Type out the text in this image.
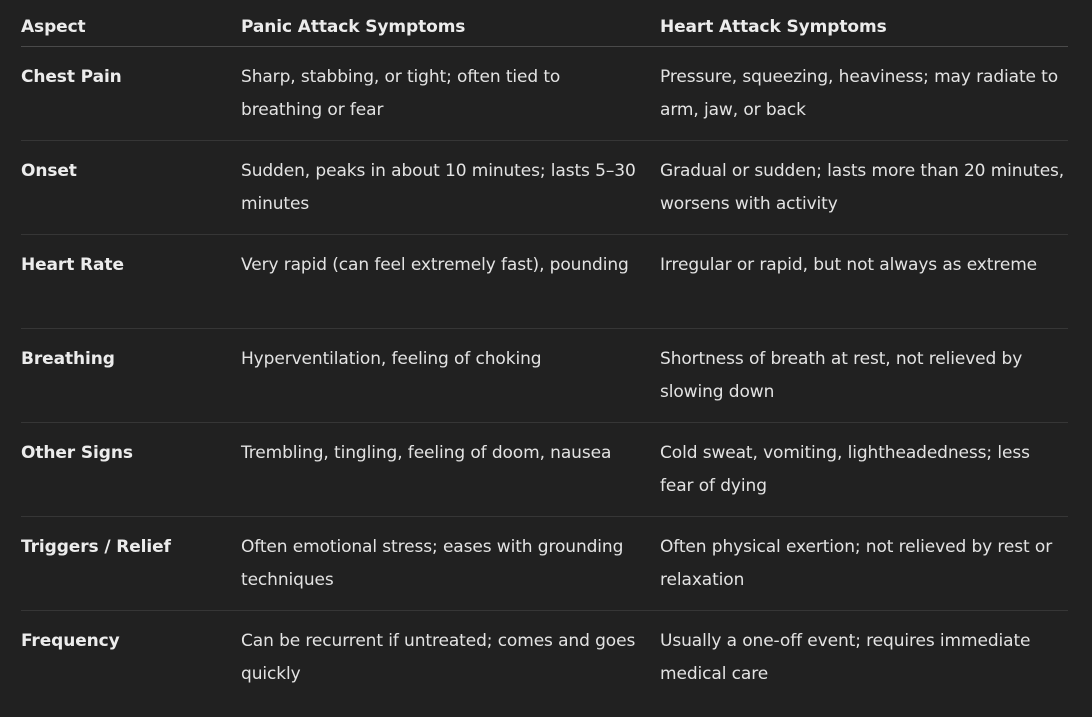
Aspect	Panic Attack Symptoms	Heart Attack Symptoms
Chest Pain	Sharp, stabbing, or tight; often tied to breathing or fear	Pressure, squeezing, heaviness; may radiate to arm, jaw, or back
Onset	Sudden, peaks in about 10 minutes; lasts 5–30 minutes	Gradual or sudden; lasts more than 20 minutes, worsens with activity
Heart Rate	Very rapid (can feel extremely fast), pounding	Irregular or rapid, but not always as extreme
Breathing	Hyperventilation, feeling of choking	Shortness of breath at rest, not relieved by slowing down
Other Signs	Trembling, tingling, feeling of doom, nausea	Cold sweat, vomiting, lightheadedness; less fear of dying
Triggers / Relief	Often emotional stress; eases with grounding techniques	Often physical exertion; not relieved by rest or relaxation
Frequency	Can be recurrent if untreated; comes and goes quickly	Usually a one-off event; requires immediate medical care
